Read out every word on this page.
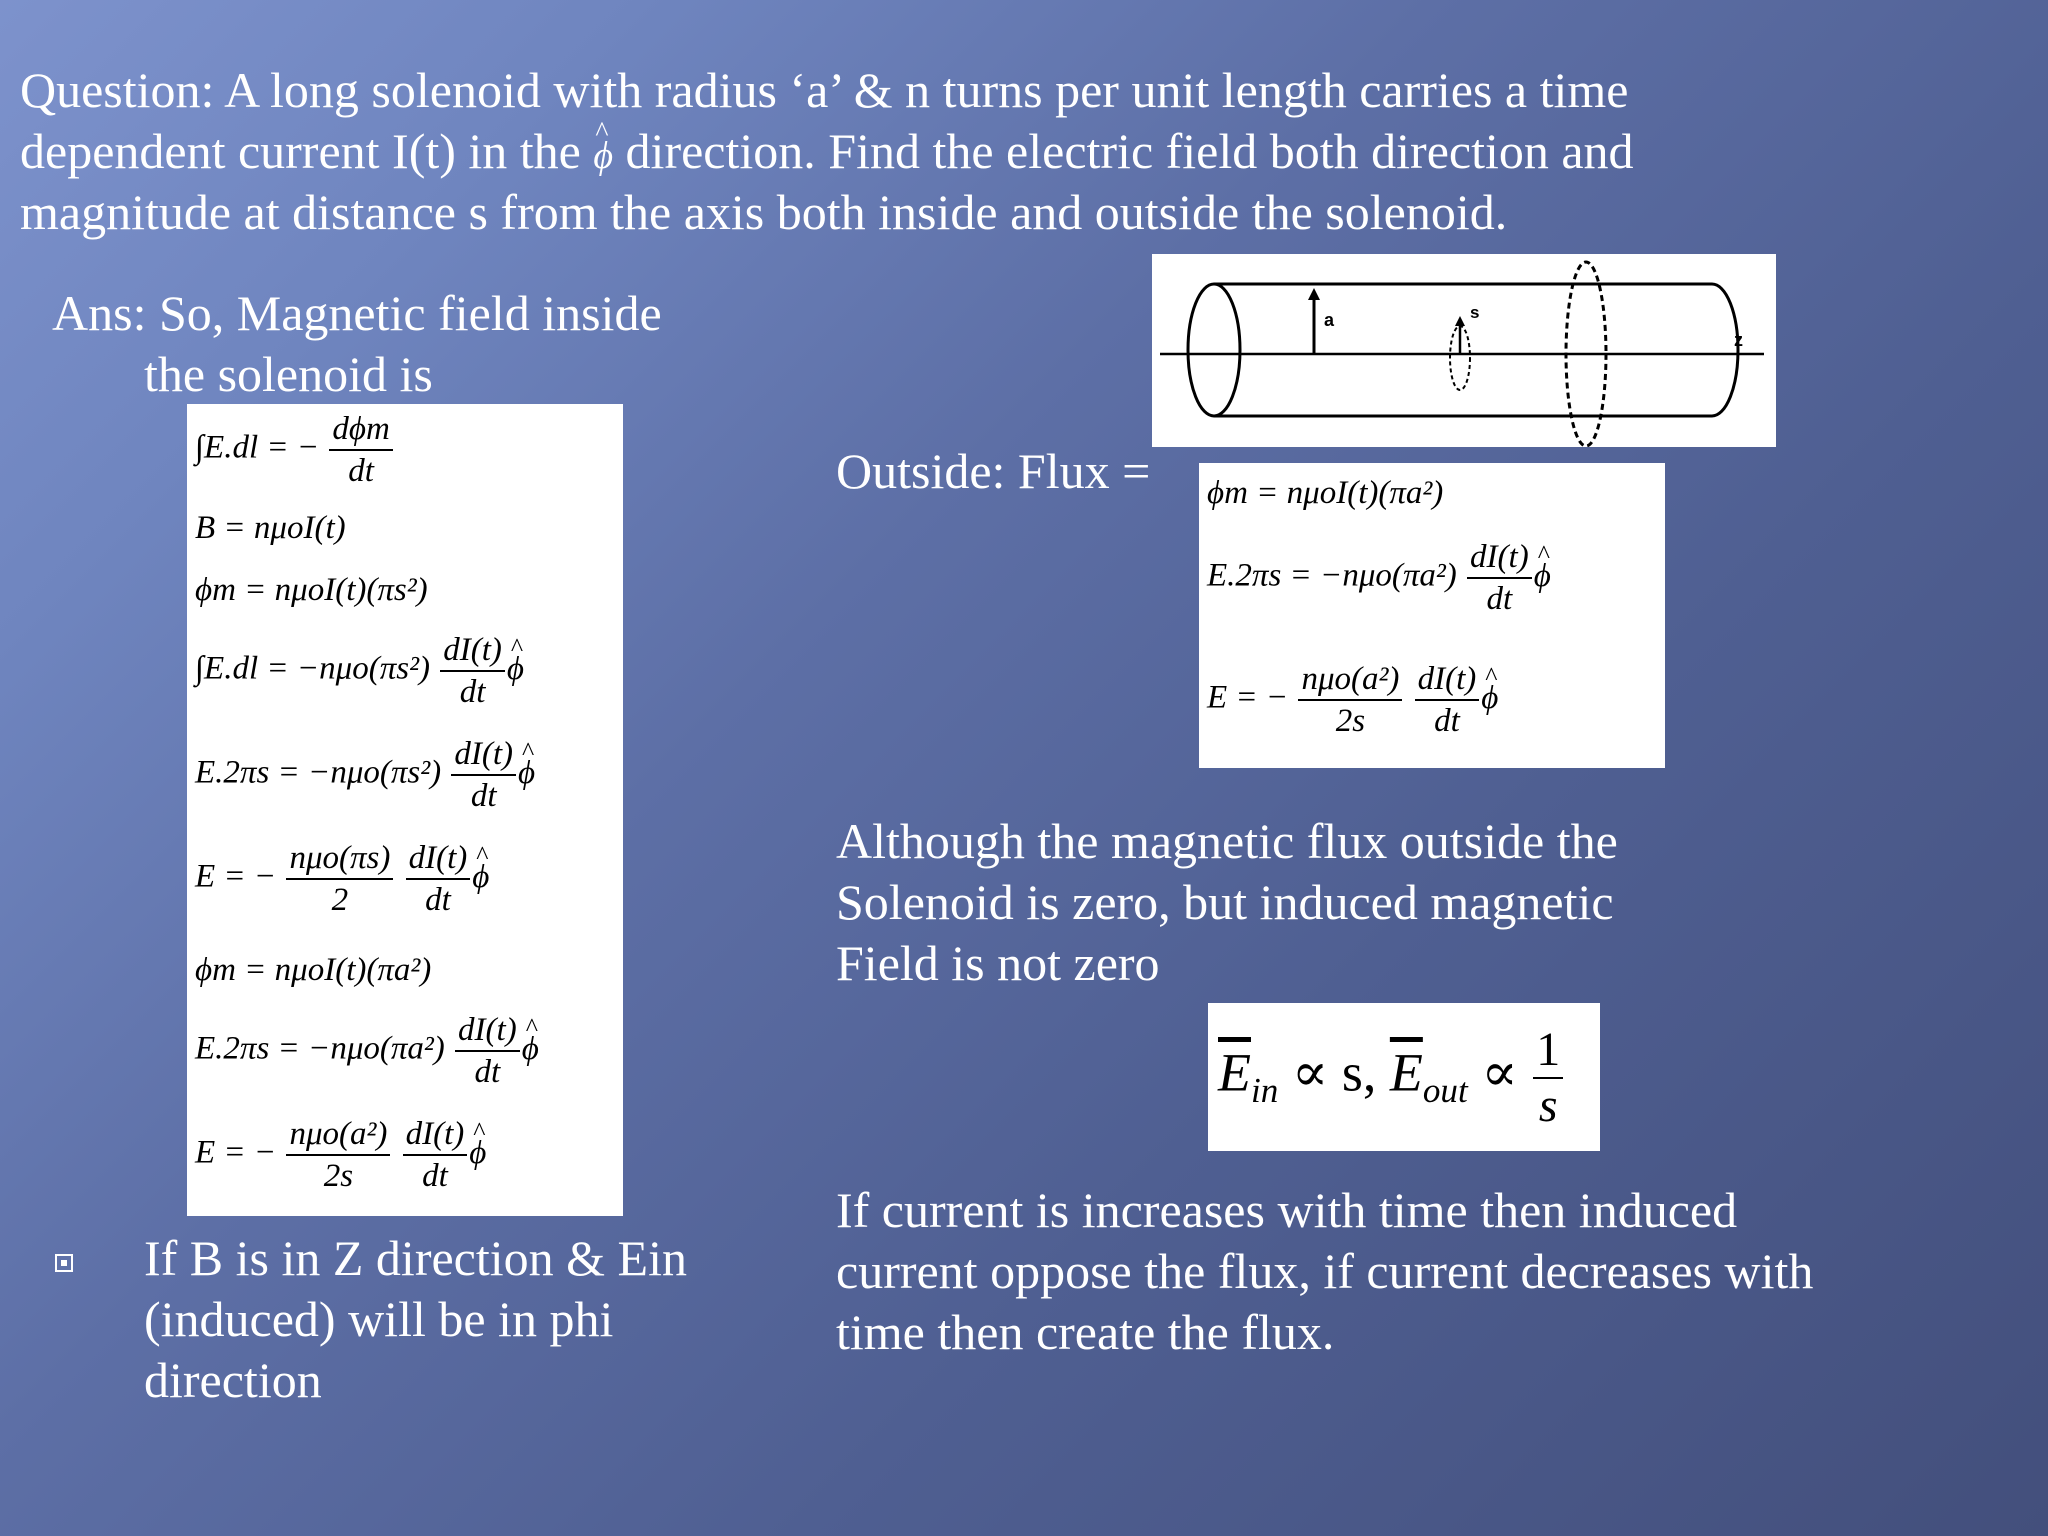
Question: A long solenoid with radius ‘a’ & n turns per unit length carries a time
dependent current I(t) in the ^ ϕ direction. Find the electric field both direction and
magnitude at distance s from the axis both inside and outside the solenoid.
Ans: So, Magnetic field inside
the solenoid is
∫E.dl = − $\frac{\text{dϕm}}{dt}$
B = nμoI(t)
ϕm = nμoI(t)(πs²)
$\int E.dl = -n\mu o(\pi s^2) \frac{dI(t)}{dt}$ ^ ϕ
$E.2\pi s = -n\mu o(\pi s^2) \frac{dI(t)}{dt}$ ^ ϕ
E = − $\frac{\text{nμo(πs)}}{2}$
$\frac{dI(t)}{dt}$ ^ ϕ
ϕm = nμoI(t)(πa²)
$E.2\pi s = -n\mu o(\pi a^2) \frac{dI(t)}{dt}$ ^ ϕ
E = − $\frac{\text{nμo(a²)}}{2s}$
$\frac{dI(t)}{dt}$ ^ ϕ
If B is in Z direction & Ein
(induced) will be in phi
direction
a	s
z
Outside: Flux = ϕm = nμoI(t)(πa²)
$E.2\pi s = -n\mu o(\pi a^2) \frac{dI(t)}{dt}$ ^ ϕ
E = − $\frac{\text{nμo(a²)}}{2s}$
$\frac{dI(t)}{dt}$ ^ ϕ
Although the magnetic flux outside the
Solenoid is zero, but induced magnetic
Field is not zero
$\overline{E}_{in} \propto s$, $\overline{E}_{out} \propto \frac{1}{s}$
If current is increases with time then induced
current oppose the flux, if current decreases with
time then create the flux.
